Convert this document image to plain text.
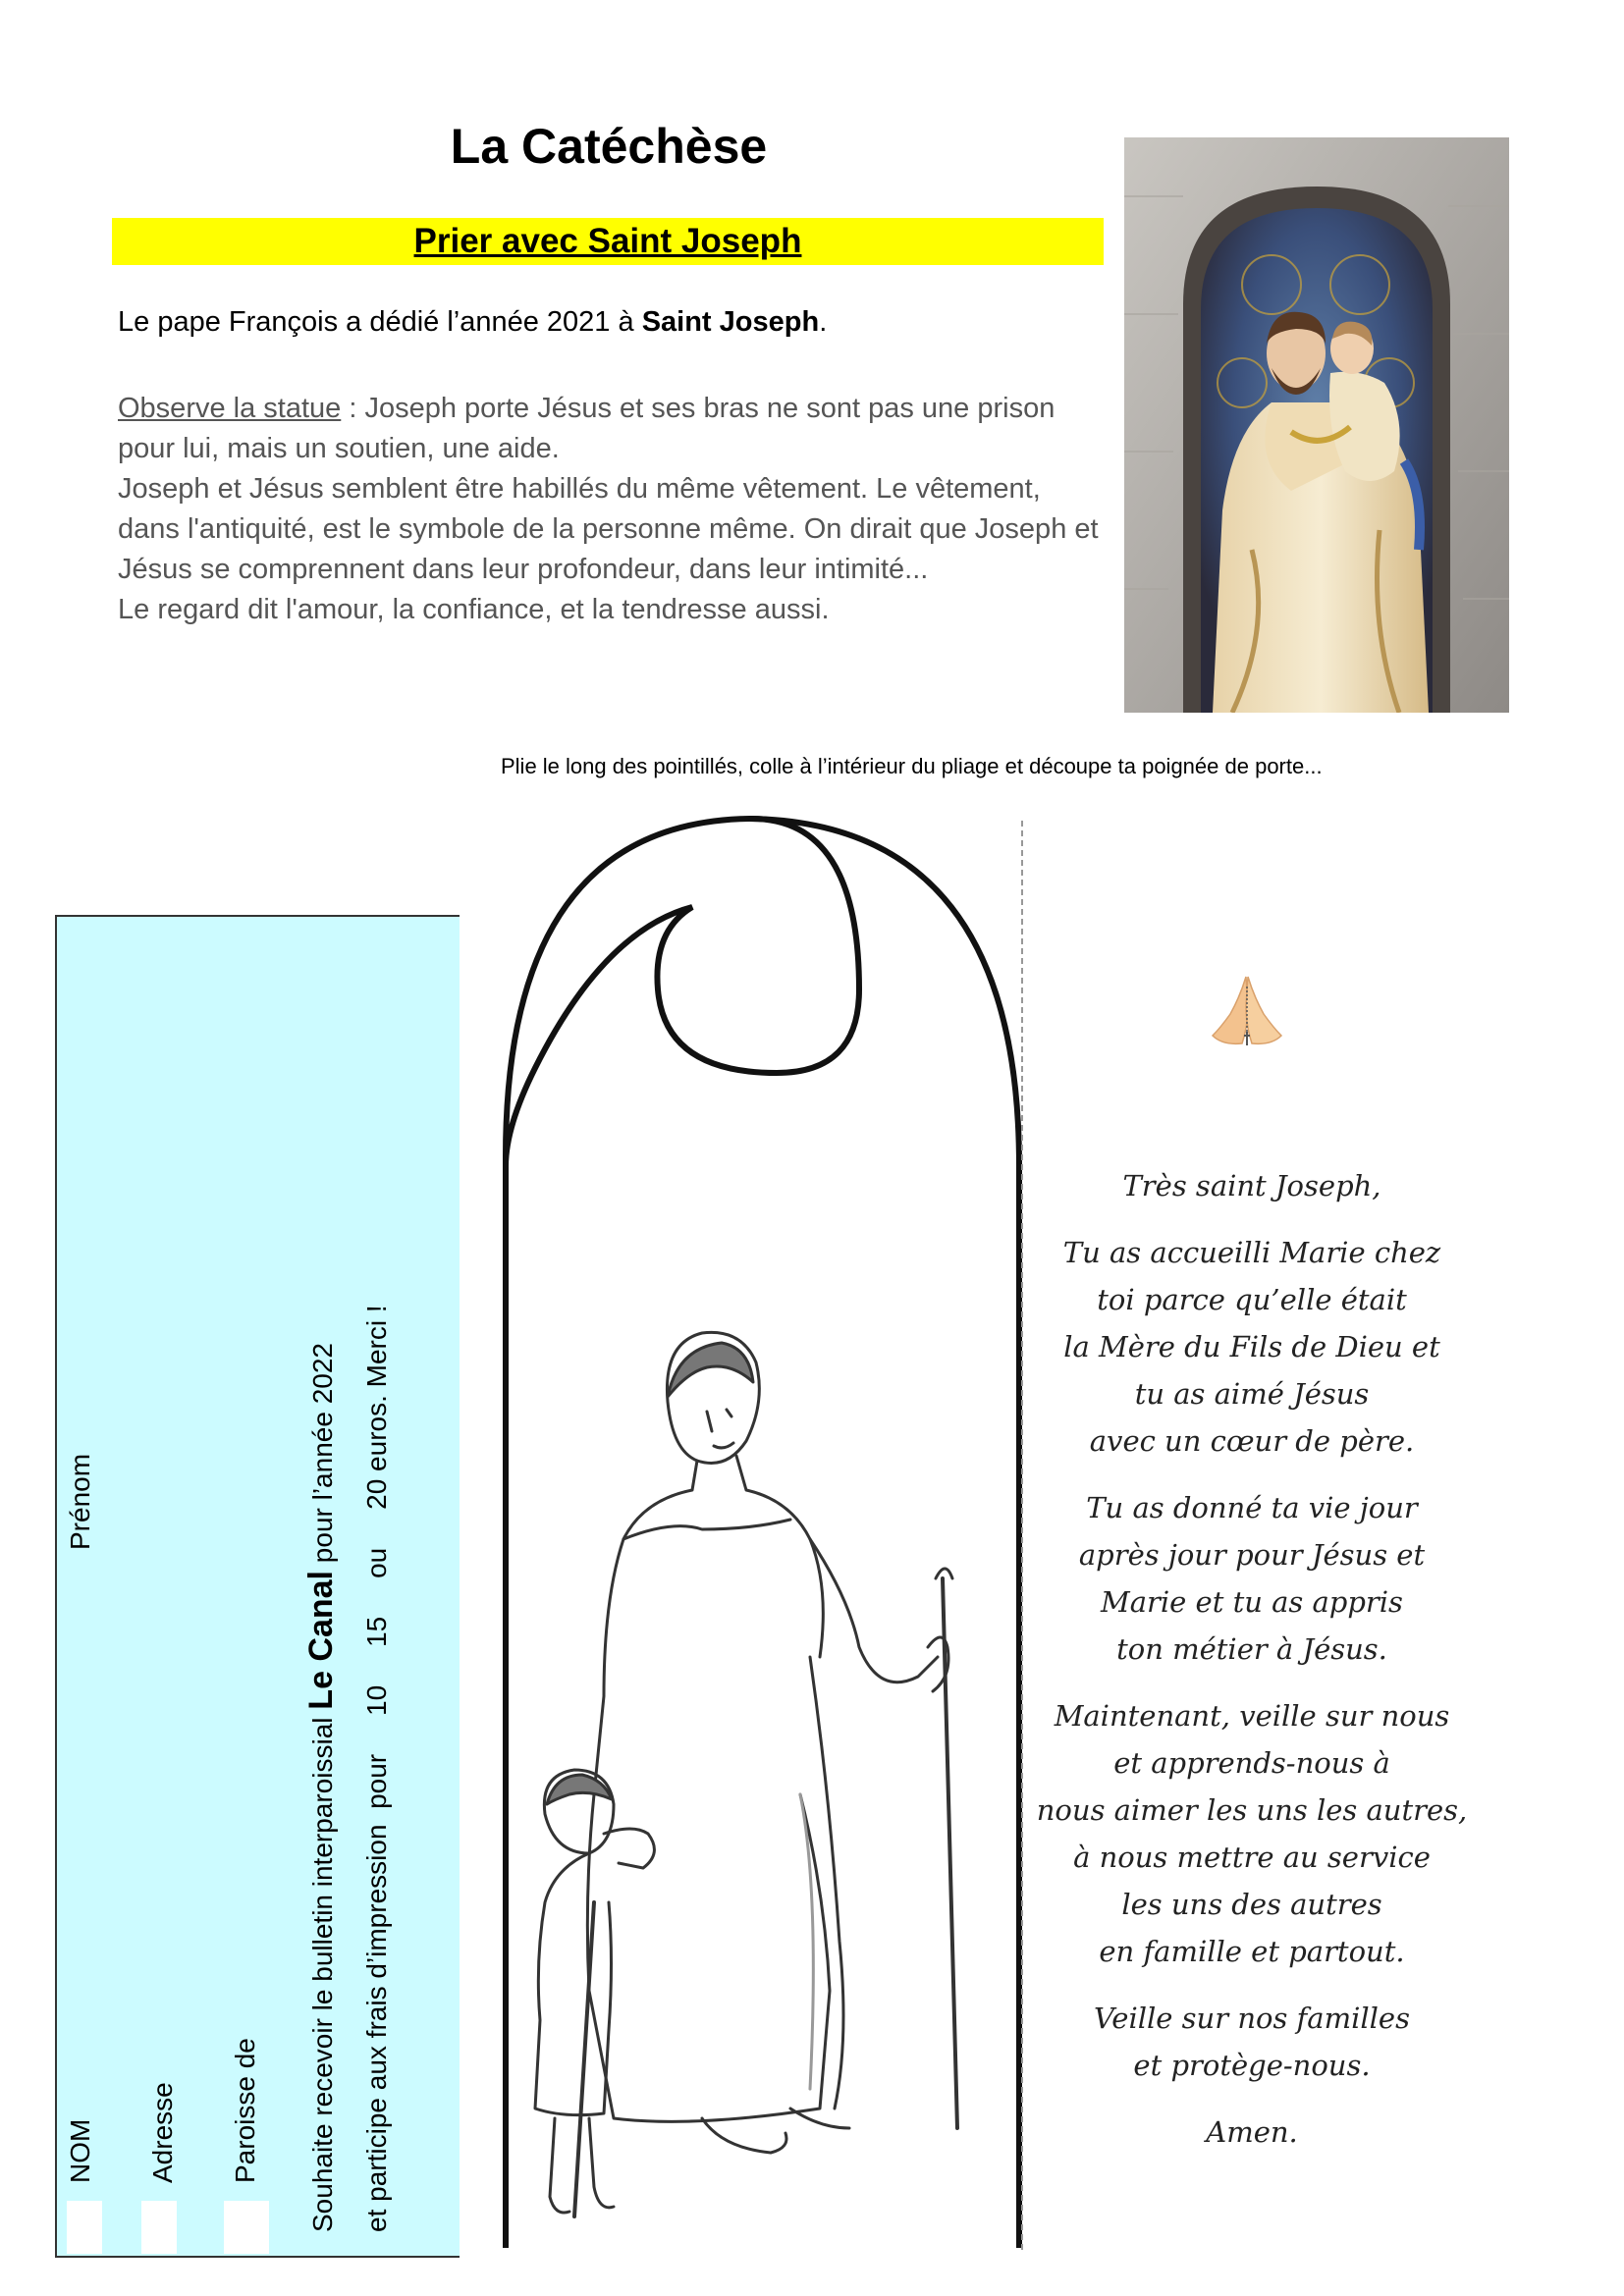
La Catéchèse
Prier avec Saint Joseph
Le pape François a dédié l’année 2021 à Saint Joseph.
Observe la statue : Joseph porte Jésus et ses bras ne sont pas une prison pour lui, mais un soutien, une aide.
Joseph et Jésus semblent être habillés du même vêtement. Le vêtement, dans l'antiquité, est le symbole de la personne même. On dirait que Joseph et Jésus se comprennent dans leur profondeur, dans leur intimité...
Le regard dit l'amour, la confiance, et la tendresse aussi.
Plie le long des pointillés, colle à l’intérieur du pliage et découpe ta poignée de porte...
NOM
Prénom
Adresse Paroisse de Souhaite recevoir le bulletin interparoissial Le Canal pour l’année 2022 et participe aux frais d’impression  pour     10     15     ou     20 euros. Merci !
Très saint Joseph,
Tu as accueilli Marie chez
toi parce qu’elle était
la Mère du Fils de Dieu et
tu as aimé Jésus
avec un cœur de père.
Tu as donné ta vie jour
après jour pour Jésus et
Marie et tu as appris
ton métier à Jésus.
Maintenant, veille sur nous
et apprends-nous à
nous aimer les uns les autres,
à nous mettre au service
les uns des autres
en famille et partout.
Veille sur nos familles
et protège-nous.
Amen.
